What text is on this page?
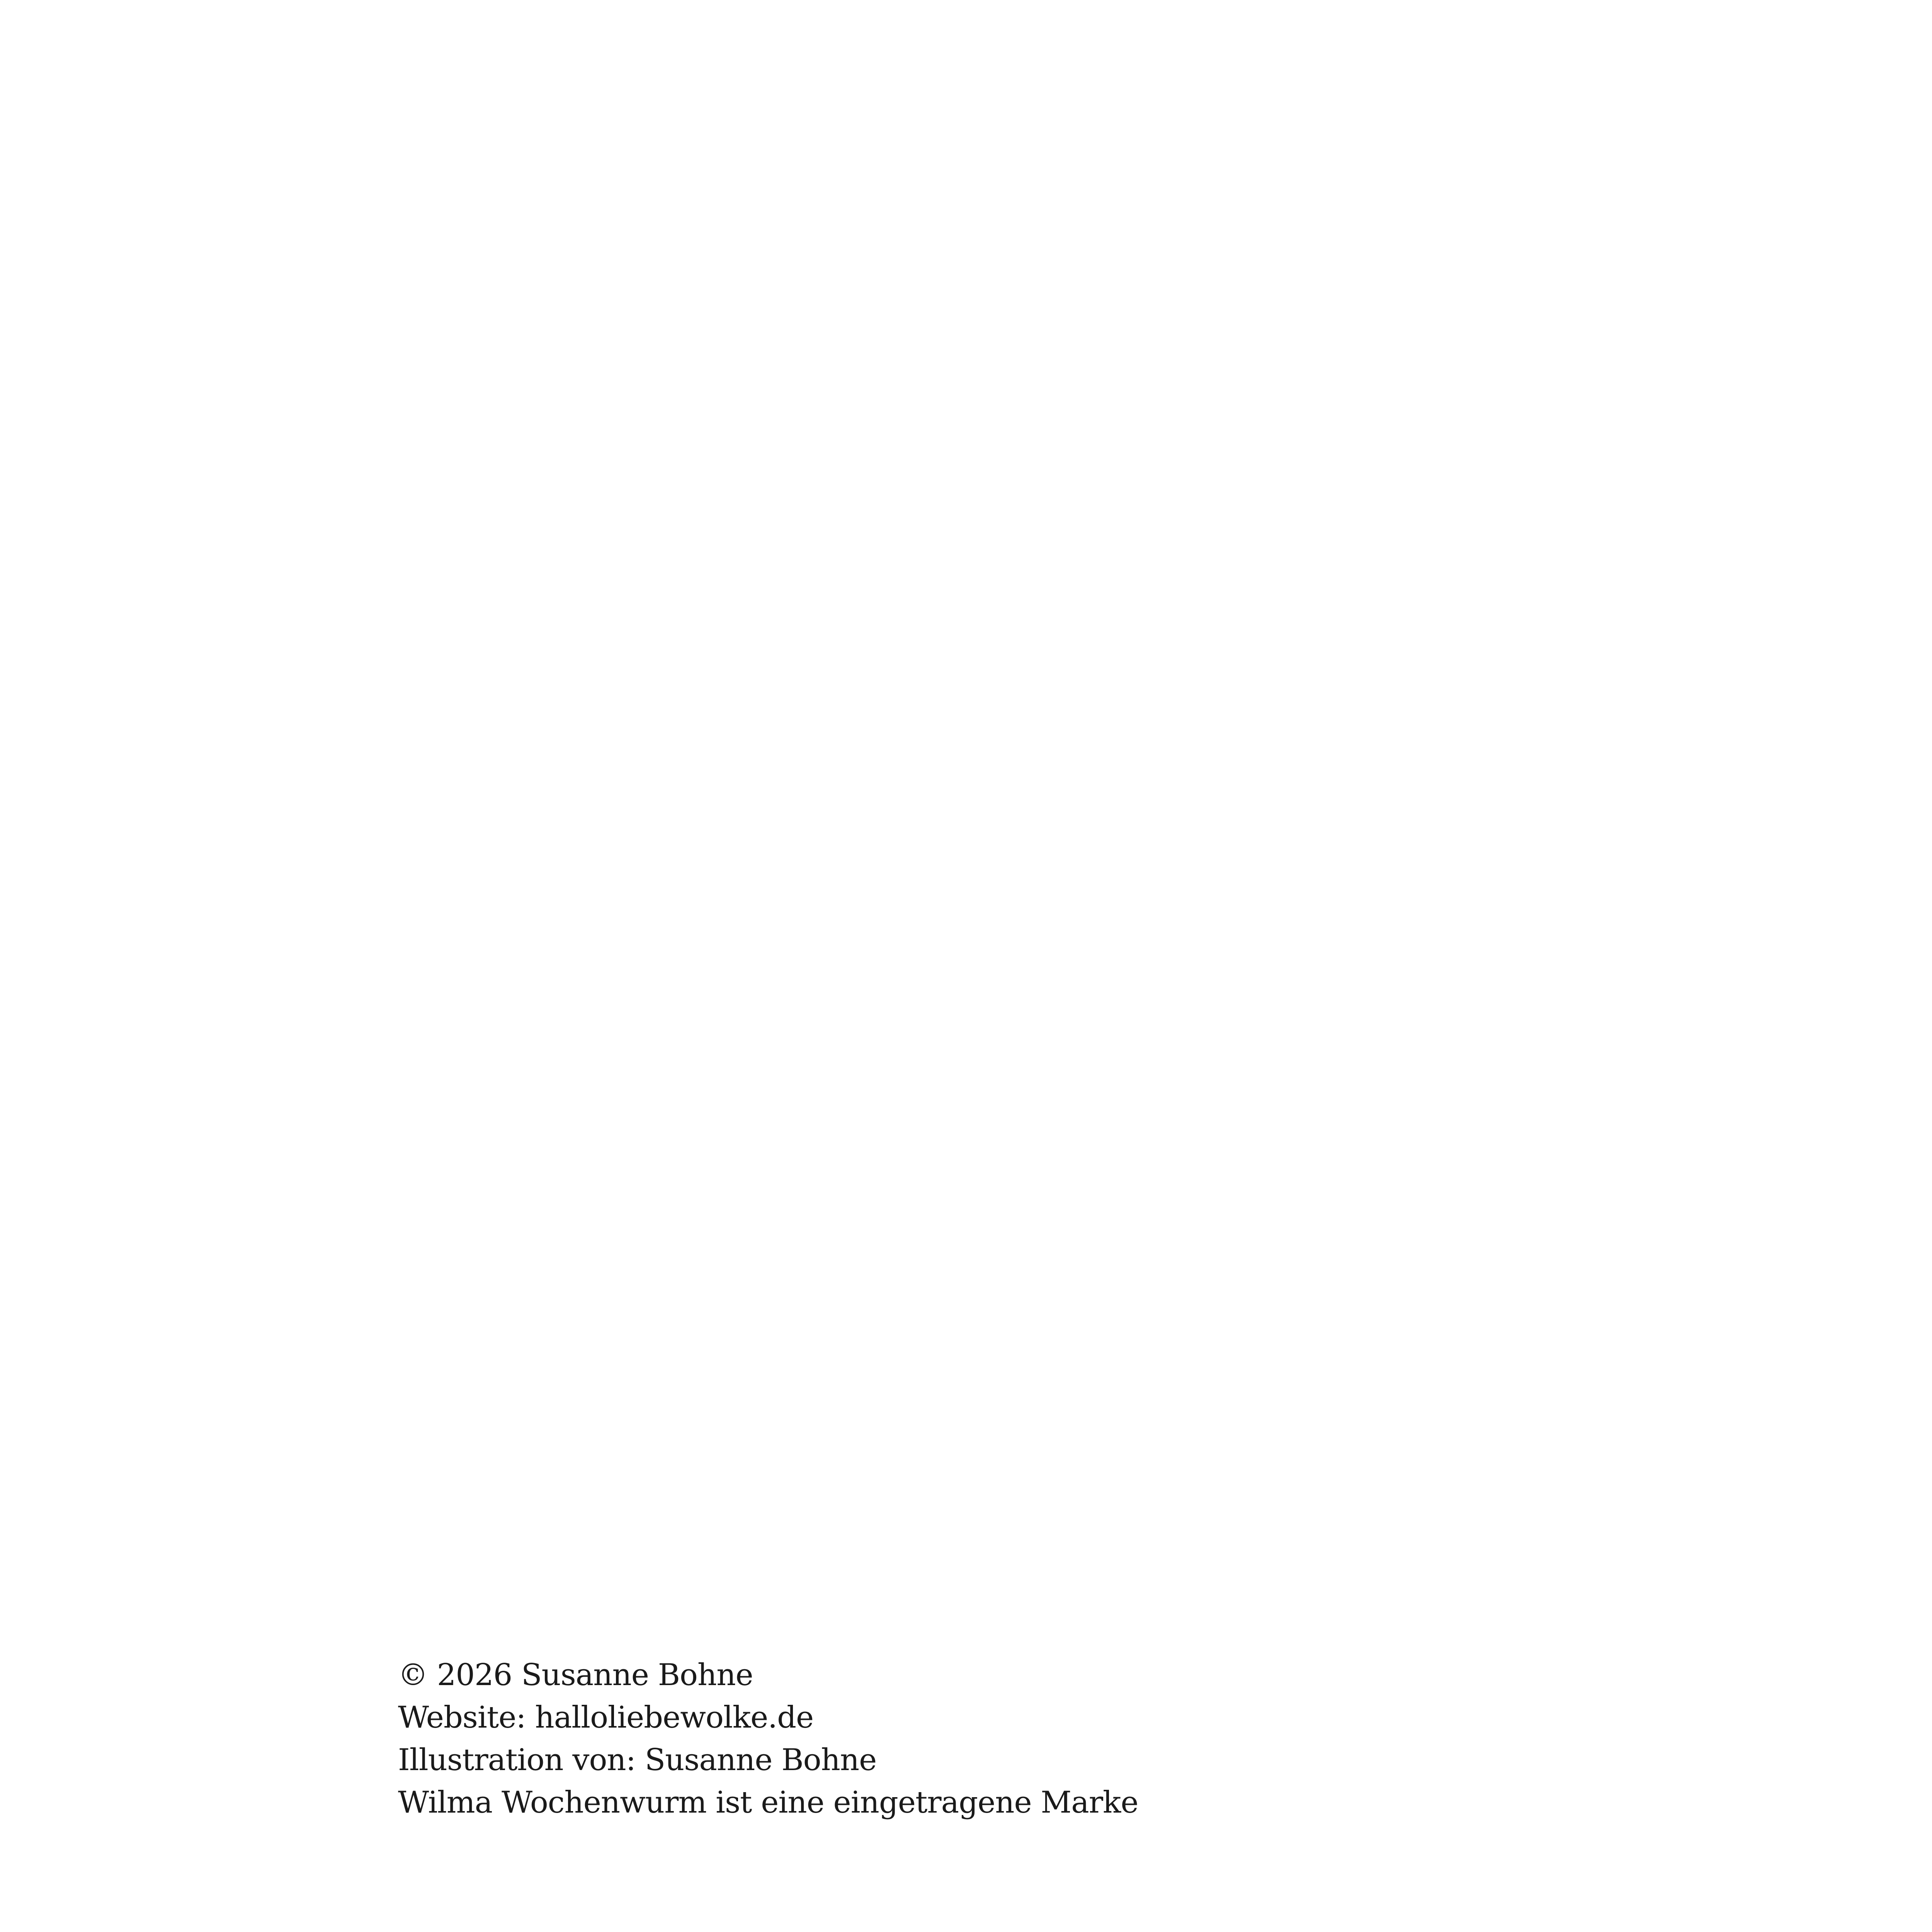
© 2026 Susanne Bohne

Website: halloliebewolke.de

Illustration von: Susanne Bohne

Wilma Wochenwurm ist eine eingetragene Marke
